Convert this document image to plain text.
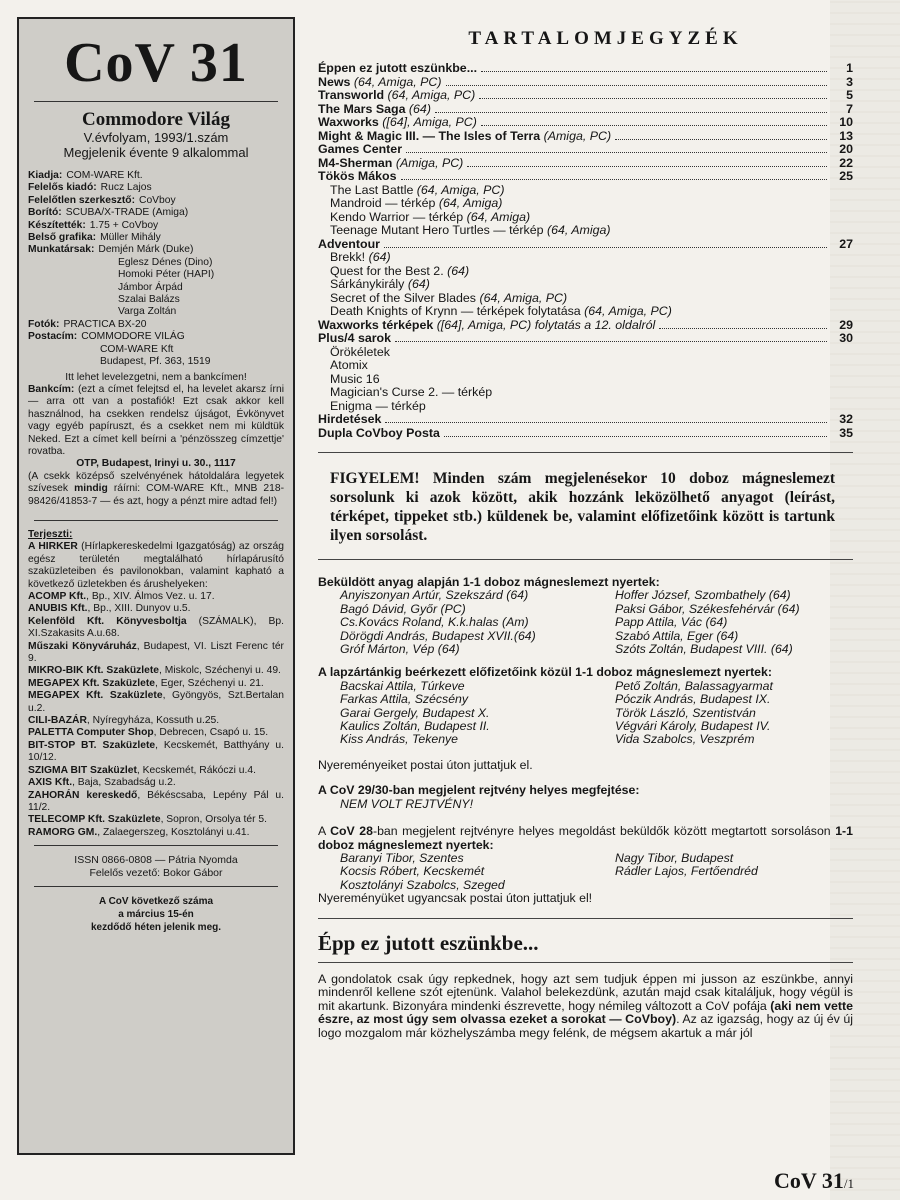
CoV 31
Commodore Világ
V.évfolyam, 1993/1.szám
Megjelenik évente 9 alkalommal
Kiadja: COM-WARE Kft.
Felelős kiadó: Rucz Lajos
Felelőtlen szerkesztő: CoVboy
Borító: SCUBA/X-TRADE (Amiga)
Készítették: 1.75 + CoVboy
Belső grafika: Müller Mihály
Munkatársak: Demjén Márk (Duke)
Eglesz Dénes (Dino)
Homoki Péter (HAPI)
Jámbor Árpád
Szalai Balázs
Varga Zoltán
Fotók: PRACTICA BX-20
Postacím: COMMODORE VILÁG
COM-WARE Kft
Budapest, Pf. 363, 1519
Itt lehet levelezgetni, nem a bankcímen!
Bankcím: (ezt a címet felejtsd el, ha levelet akarsz írni — arra ott van a postafiók! Ezt csak akkor kell használnod, ha csekken rendelsz újságot, Évkönyvet vagy egyéb papíruszt, és a csekket nem mi küldtük Neked. Ezt a címet kell beírni a 'pénzösszeg címzettje' rovatba.
OTP, Budapest, Irinyi u. 30., 1117
(A csekk középső szelvényének hátoldalára legyetek szívesek mindig ráírni: COM-WARE Kft., MNB 218-98426/41853-7 — és azt, hogy a pénzt mire adtad fel!)
Terjeszti:

A HIRKER (Hírlapkereskedelmi Igazgatóság) az ország egész területén megtalálható hírlapárusító szaküzleteiben és pavilonokban, valamint kapható a következő üzletekben és árushelyeken:

ACOMP Kft., Bp., XIV. Álmos Vez. u. 17.

ANUBIS Kft., Bp., XIII. Dunyov u.5.

Kelenföld Kft. Könyvesboltja (SZÁMALK), Bp. XI.Szakasits A.u.68.

Műszaki Könyváruház, Budapest, VI. Liszt Ferenc tér 9.

MIKRO-BIK Kft. Szaküzlete, Miskolc, Széchenyi u. 49.

MEGAPEX Kft. Szaküzlete, Eger, Széchenyi u. 21.

MEGAPEX Kft. Szaküzlete, Gyöngyös, Szt.Bertalan u.2.

CILI-BAZÁR, Nyíregyháza, Kossuth u.25.

PALETTA Computer Shop, Debrecen, Csapó u. 15.

BIT-STOP BT. Szaküzlete, Kecskemét, Batthyány u. 10/12.

SZIGMA BIT Szaküzlet, Kecskemét, Rákóczi u.4.

AXIS Kft., Baja, Szabadság u.2.

ZAHORÁN kereskedő, Békéscsaba, Lepény Pál u. 11/2.

TELECOMP Kft. Szaküzlete, Sopron, Orsolya tér 5.

RAMORG GM., Zalaegerszeg, Kosztolányi u.41.

ISSN 0866-0808 — Pátria Nyomda
Felelős vezető: Bokor Gábor
A CoV következő száma
a március 15-én
kezdődő héten jelenik meg.
TARTALOMJEGYZÉK
Éppen ez jutott eszünkbe...	1
News (64, Amiga, PC)	3
Transworld (64, Amiga, PC)	5
The Mars Saga (64)	7
Waxworks ([64], Amiga, PC)	10
Might & Magic III. — The Isles of Terra (Amiga, PC)	13
Games Center	20
M4-Sherman (Amiga, PC)	22
Tökös Mákos	25
The Last Battle (64, Amiga, PC)
Mandroid — térkép (64, Amiga)
Kendo Warrior — térkép (64, Amiga)
Teenage Mutant Hero Turtles — térkép (64, Amiga)
Adventour	27
Brekk! (64)
Quest for the Best 2. (64)
Sárkánykirály (64)
Secret of the Silver Blades (64, Amiga, PC)
Death Knights of Krynn — térképek folytatása (64, Amiga, PC)
Waxworks térképek ([64], Amiga, PC) folytatás a 12. oldalról	29
Plus/4 sarok	30
Örökéletek
Atomix
Music 16
Magician's Curse 2. — térkép
Enigma — térkép
Hirdetések	32
Dupla CoVboy Posta	35
FIGYELEM! Minden szám megjelenésekor 10 doboz mágneslemezt sorsolunk ki azok között, akik hozzánk leközölhető anyagot (leírást, térképet, tippeket stb.) küldenek be, valamint előfizetőink között is tartunk ilyen sorsolást.
Beküldött anyag alapján 1-1 doboz mágneslemezt nyertek:
Anyiszonyan Artúr, Szekszárd (64)	Hoffer József, Szombathely (64)
Bagó Dávid, Győr (PC)	Paksi Gábor, Székesfehérvár (64)
Cs.Kovács Roland, K.k.halas (Am)	Papp Attila, Vác (64)
Dörögdi András, Budapest XVII.(64)	Szabó Attila, Eger (64)
Gróf Márton, Vép (64)	Szóts Zoltán, Budapest VIII. (64)
A lapzártánkig beérkezett előfizetőink közül 1-1 doboz mágneslemezt nyertek:
Bacskai Attila, Túrkeve	Pető Zoltán, Balassagyarmat
Farkas Attila, Szécsény	Póczik András, Budapest IX.
Garai Gergely, Budapest X.	Török László, Szentistván
Kaulics Zoltán, Budapest II.	Végvári Károly, Budapest IV.
Kiss András, Tekenye	Vida Szabolcs, Veszprém
Nyereményeiket postai úton juttatjuk el.
A CoV 29/30-ban megjelent rejtvény helyes megfejtése:
NEM VOLT REJTVÉNY!
A CoV 28-ban megjelent rejtvényre helyes megoldást beküldők között megtartott sorsoláson 1-1 doboz mágneslemezt nyertek:
Baranyi Tibor, Szentes	Nagy Tibor, Budapest
Kocsis Róbert, Kecskemét	Rádler Lajos, Fertőendréd
Kosztolányi Szabolcs, Szeged
Nyereményüket ugyancsak postai úton juttatjuk el!
Épp ez jutott eszünkbe...
A gondolatok csak úgy repkednek, hogy azt sem tudjuk éppen mi jusson az eszünkbe, annyi mindenről kellene szót ejtenünk. Valahol belekezdünk, azután majd csak kitaláljuk, hogy végül is mit akartunk. Bizonyára mindenki észrevette, hogy némileg változott a CoV pofája (aki nem vette észre, az most úgy sem olvassa ezeket a sorokat — CoVboy). Az az igazság, hogy az új év új logo mozgalom már közhelyszámba megy felénk, de mégsem akartuk a már jól
CoV 31/1
